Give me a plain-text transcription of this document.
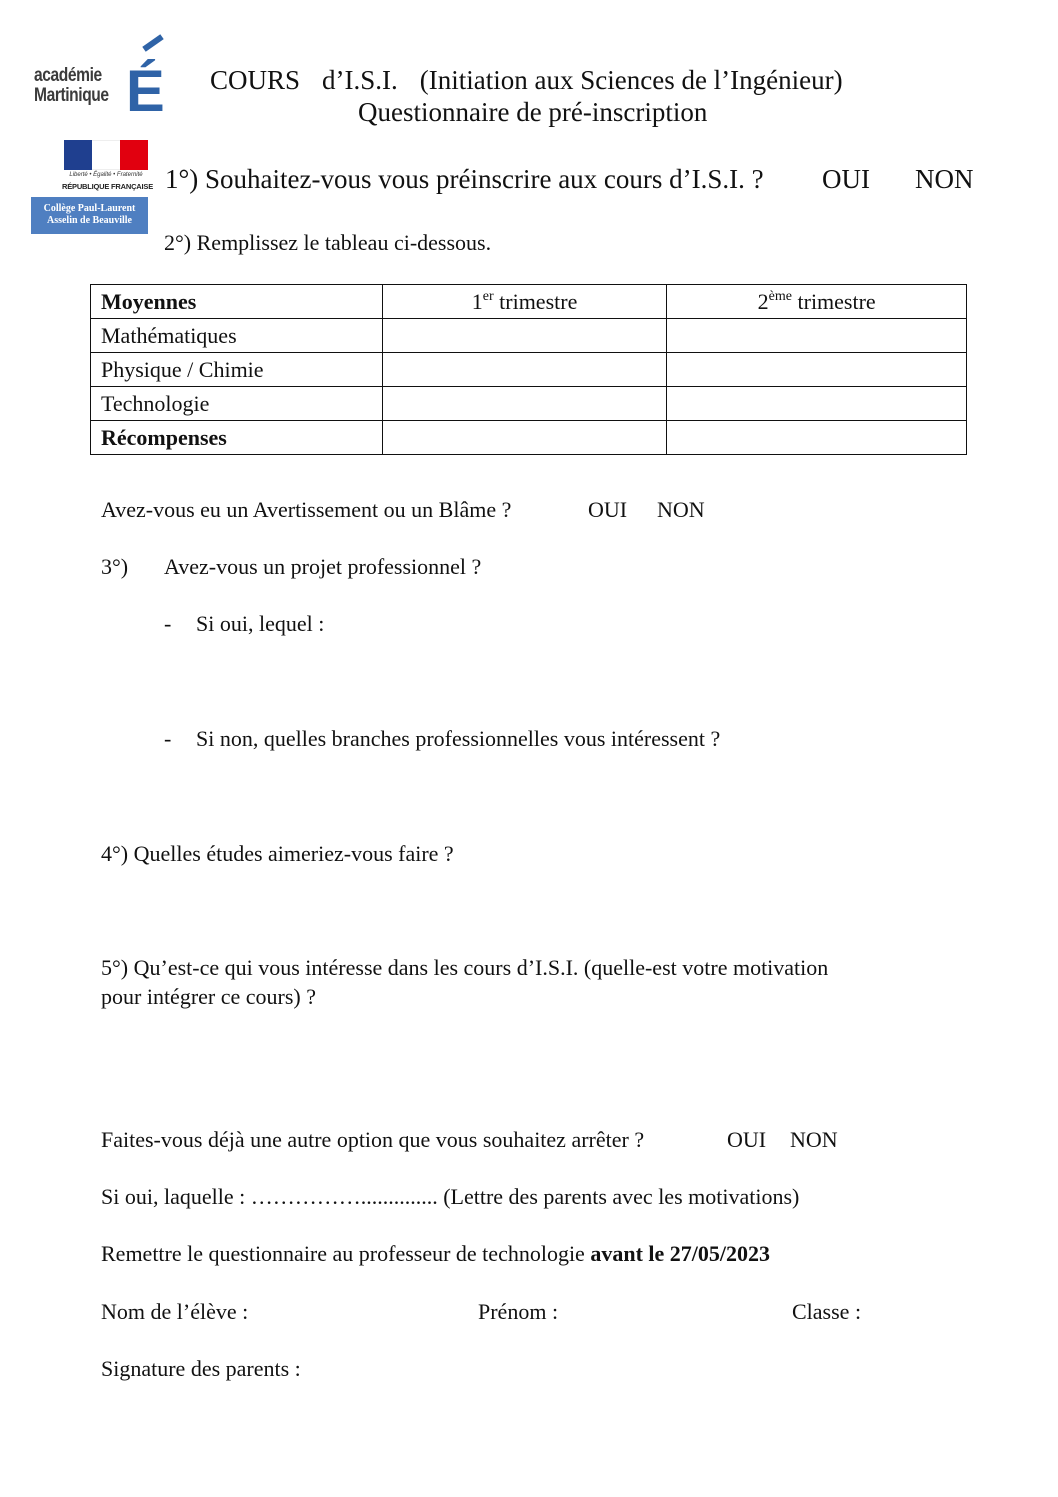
académie
Martinique É
Liberté • Égalité • Fraternité
RÉPUBLIQUE FRANÇAISE
Collège Paul-Laurent
Asselin de Beauville
COURS d’I.S.I. (Initiation aux Sciences de l’Ingénieur)
Questionnaire de pré-inscription
1°) Souhaitez-vous vous préinscrire aux cours d’I.S.I. ? OUI NON
2°) Remplissez le tableau ci-dessous.
Moyennes	1er trimestre	2ème trimestre
Mathématiques		
Physique / Chimie		
Technologie		
Récompenses		
Avez-vous eu un Avertissement ou un Blâme ?	OUI NON
3°) Avez-vous un projet professionnel ?
- Si oui, lequel :
- Si non, quelles branches professionnelles vous intéressent ?
4°) Quelles études aimeriez-vous faire ?
5°) Qu’est-ce qui vous intéresse dans les cours d’I.S.I. (quelle-est votre motivation
pour intégrer ce cours) ?
Faites-vous déjà une autre option que vous souhaitez arrêter ?	OUI NON
Si oui, laquelle : …………….............. (Lettre des parents avec les motivations)
Remettre le questionnaire au professeur de technologie avant le 27/05/2023
Nom de l’élève :	Prénom :	Classe :
Signature des parents :
